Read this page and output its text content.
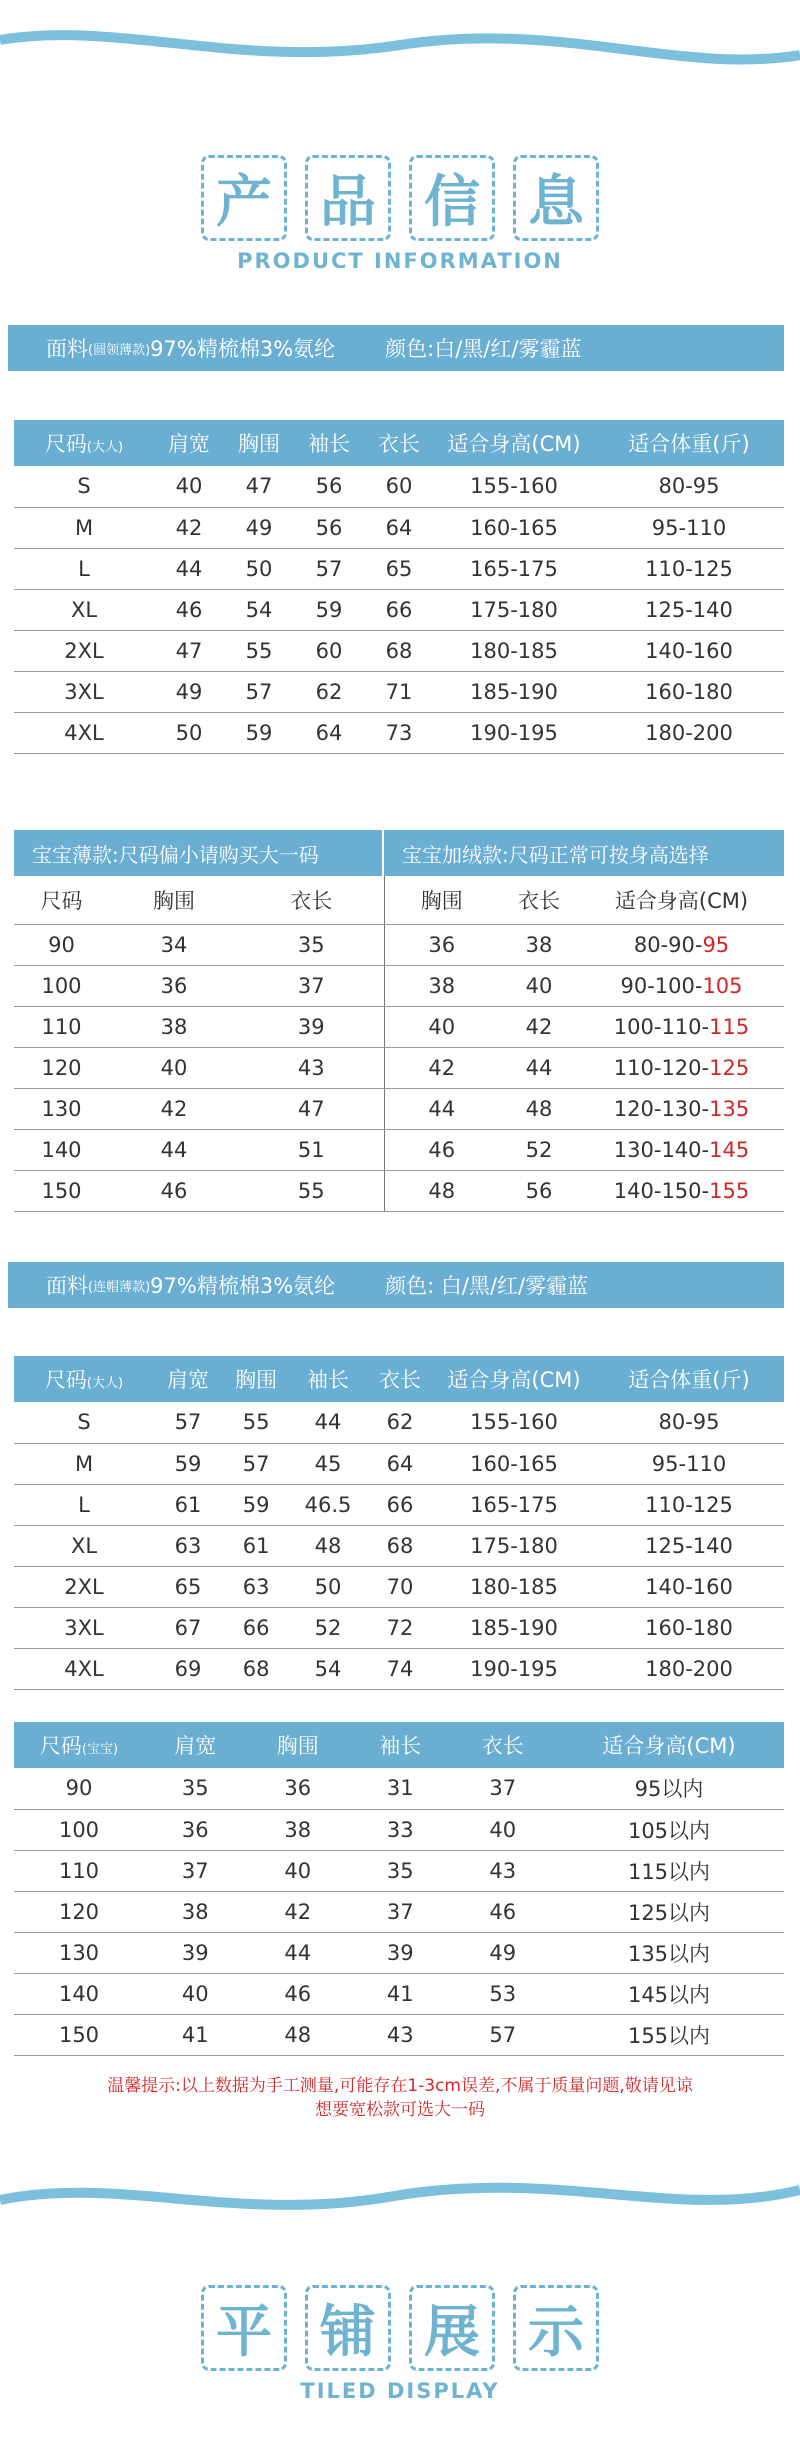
产 品 信 息
PRODUCT INFORMATION
面料 (圆领薄款) 97%精梳棉3%氨纶 颜色:白/黑/红/雾霾蓝
尺码(大人)	肩宽	胸围	袖长	衣长	适合身高(CM)	适合体重(斤)
S	40	47	56	60	155-160	80-95
M	42	49	56	64	160-165	95-110
L	44	50	57	65	165-175	110-125
XL	46	54	59	66	175-180	125-140
2XL	47	55	60	68	180-185	140-160
3XL	49	57	62	71	185-190	160-180
4XL	50	59	64	73	190-195	180-200
宝宝薄款:尺码偏小请购买大一码	宝宝加绒款:尺码正常可按身高选择
尺码	胸围	衣长	胸围	衣长	适合身高(CM)
90	34	35	36	38	80-90-95
100	36	37	38	40	90-100-105
110	38	39	40	42	100-110-115
120	40	43	42	44	110-120-125
130	42	47	44	48	120-130-135
140	44	51	46	52	130-140-145
150	46	55	48	56	140-150-155
面料 (连帽薄款) 97%精梳棉3%氨纶 颜色: 白/黑/红/雾霾蓝
尺码(大人)	肩宽	胸围	袖长	衣长	适合身高(CM)	适合体重(斤)
S	57	55	44	62	155-160	80-95
M	59	57	45	64	160-165	95-110
L	61	59	46.5	66	165-175	110-125
XL	63	61	48	68	175-180	125-140
2XL	65	63	50	70	180-185	140-160
3XL	67	66	52	72	185-190	160-180
4XL	69	68	54	74	190-195	180-200
尺码(宝宝)	肩宽	胸围	袖长	衣长	适合身高(CM)
90	35	36	31	37	95以内
100	36	38	33	40	105以内
110	37	40	35	43	115以内
120	38	42	37	46	125以内
130	39	44	39	49	135以内
140	40	46	41	53	145以内
150	41	48	43	57	155以内
温馨提示:以上数据为手工测量,可能存在1-3cm误差,不属于质量问题,敬请见谅
想要宽松款可选大一码
平 铺 展 示
TILED DISPLAY
